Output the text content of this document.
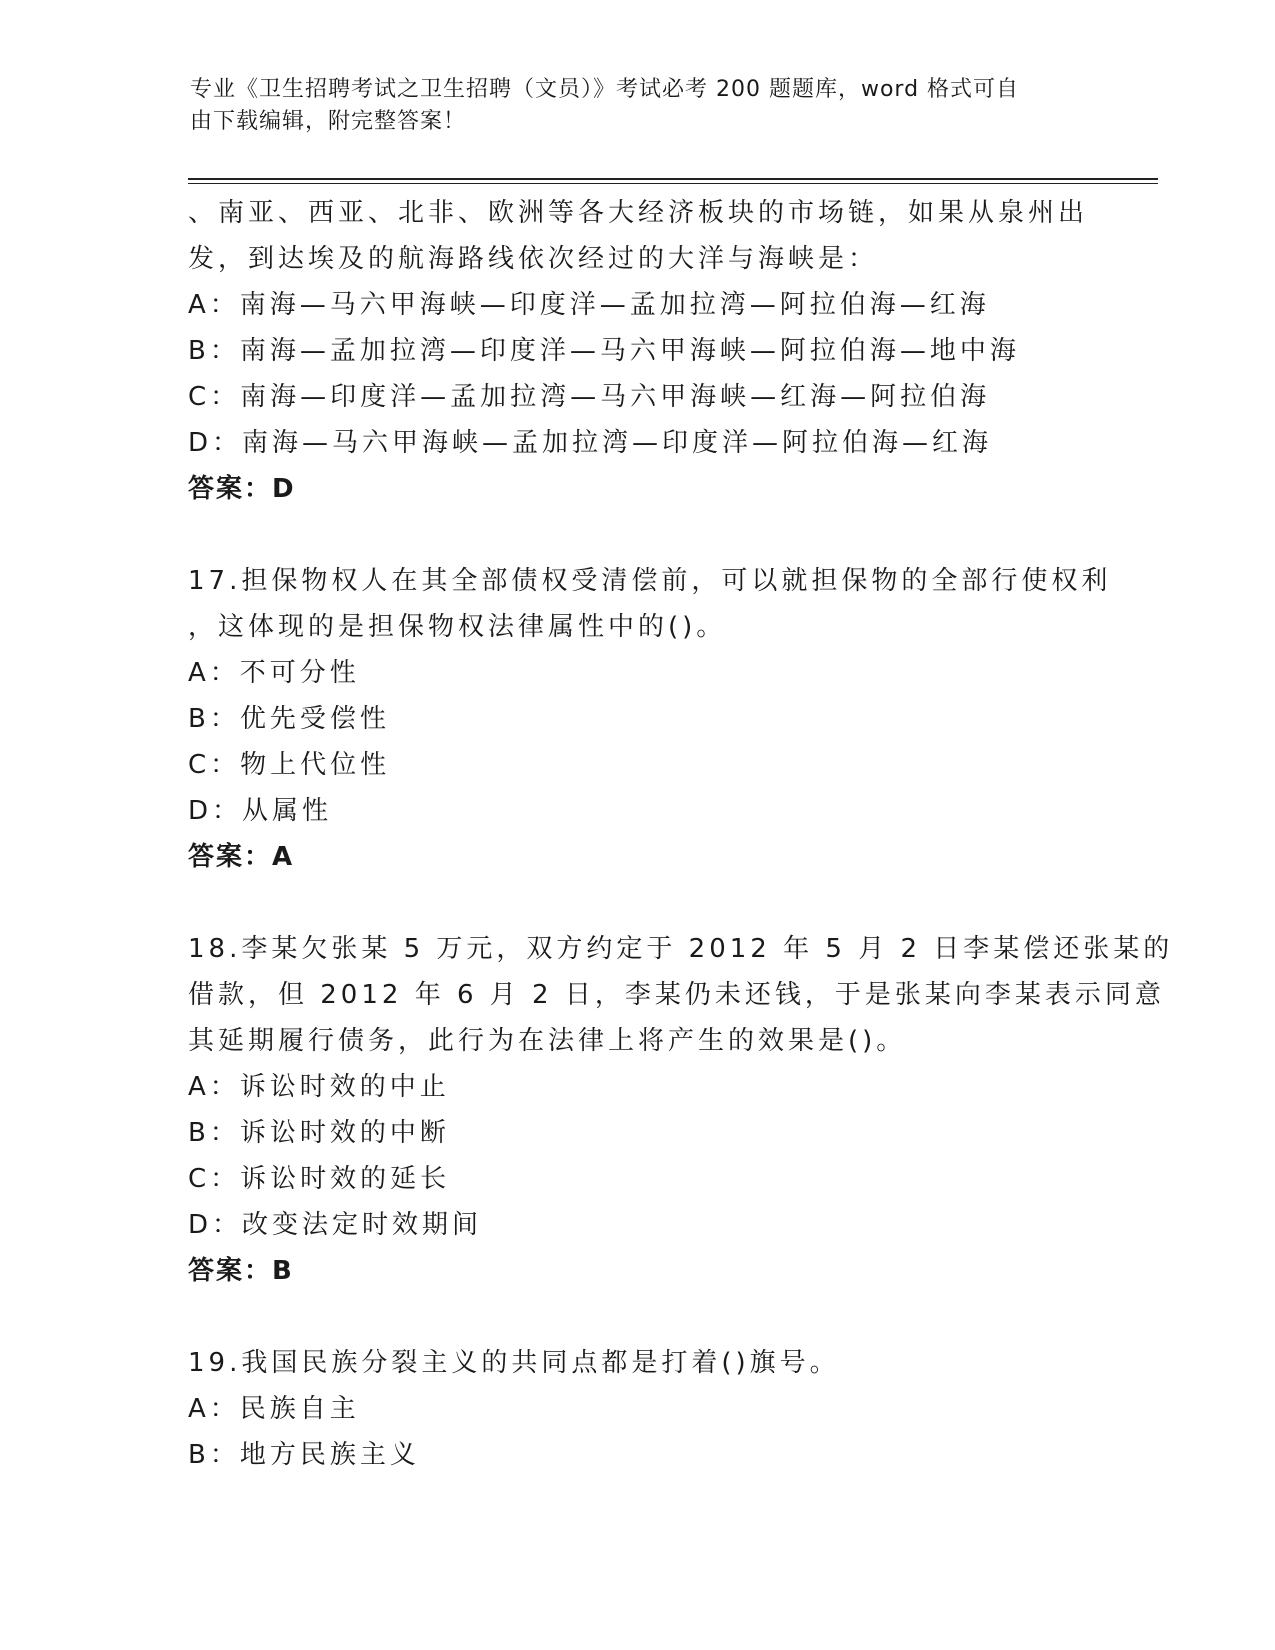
专业《卫生招聘考试之卫生招聘（文员）》考试必考 200 题题库，word 格式可自
由下载编辑，附完整答案！
、南亚、西亚、北非、欧洲等各大经济板块的市场链，如果从泉州出
发，到达埃及的航海路线依次经过的大洋与海峡是：
A：南海—马六甲海峡—印度洋—孟加拉湾—阿拉伯海—红海
B：南海—孟加拉湾—印度洋—马六甲海峡—阿拉伯海—地中海
C：南海—印度洋—孟加拉湾—马六甲海峡—红海—阿拉伯海
D：南海—马六甲海峡—孟加拉湾—印度洋—阿拉伯海—红海
答案：D
17.担保物权人在其全部债权受清偿前，可以就担保物的全部行使权利
，这体现的是担保物权法律属性中的()。
A：不可分性
B：优先受偿性
C：物上代位性
D：从属性
答案：A
18.李某欠张某 5 万元，双方约定于 2012 年 5 月 2 日李某偿还张某的
借款，但 2012 年 6 月 2 日，李某仍未还钱，于是张某向李某表示同意
其延期履行债务，此行为在法律上将产生的效果是()。
A：诉讼时效的中止
B：诉讼时效的中断
C：诉讼时效的延长
D：改变法定时效期间
答案：B
19.我国民族分裂主义的共同点都是打着()旗号。
A：民族自主
B：地方民族主义
